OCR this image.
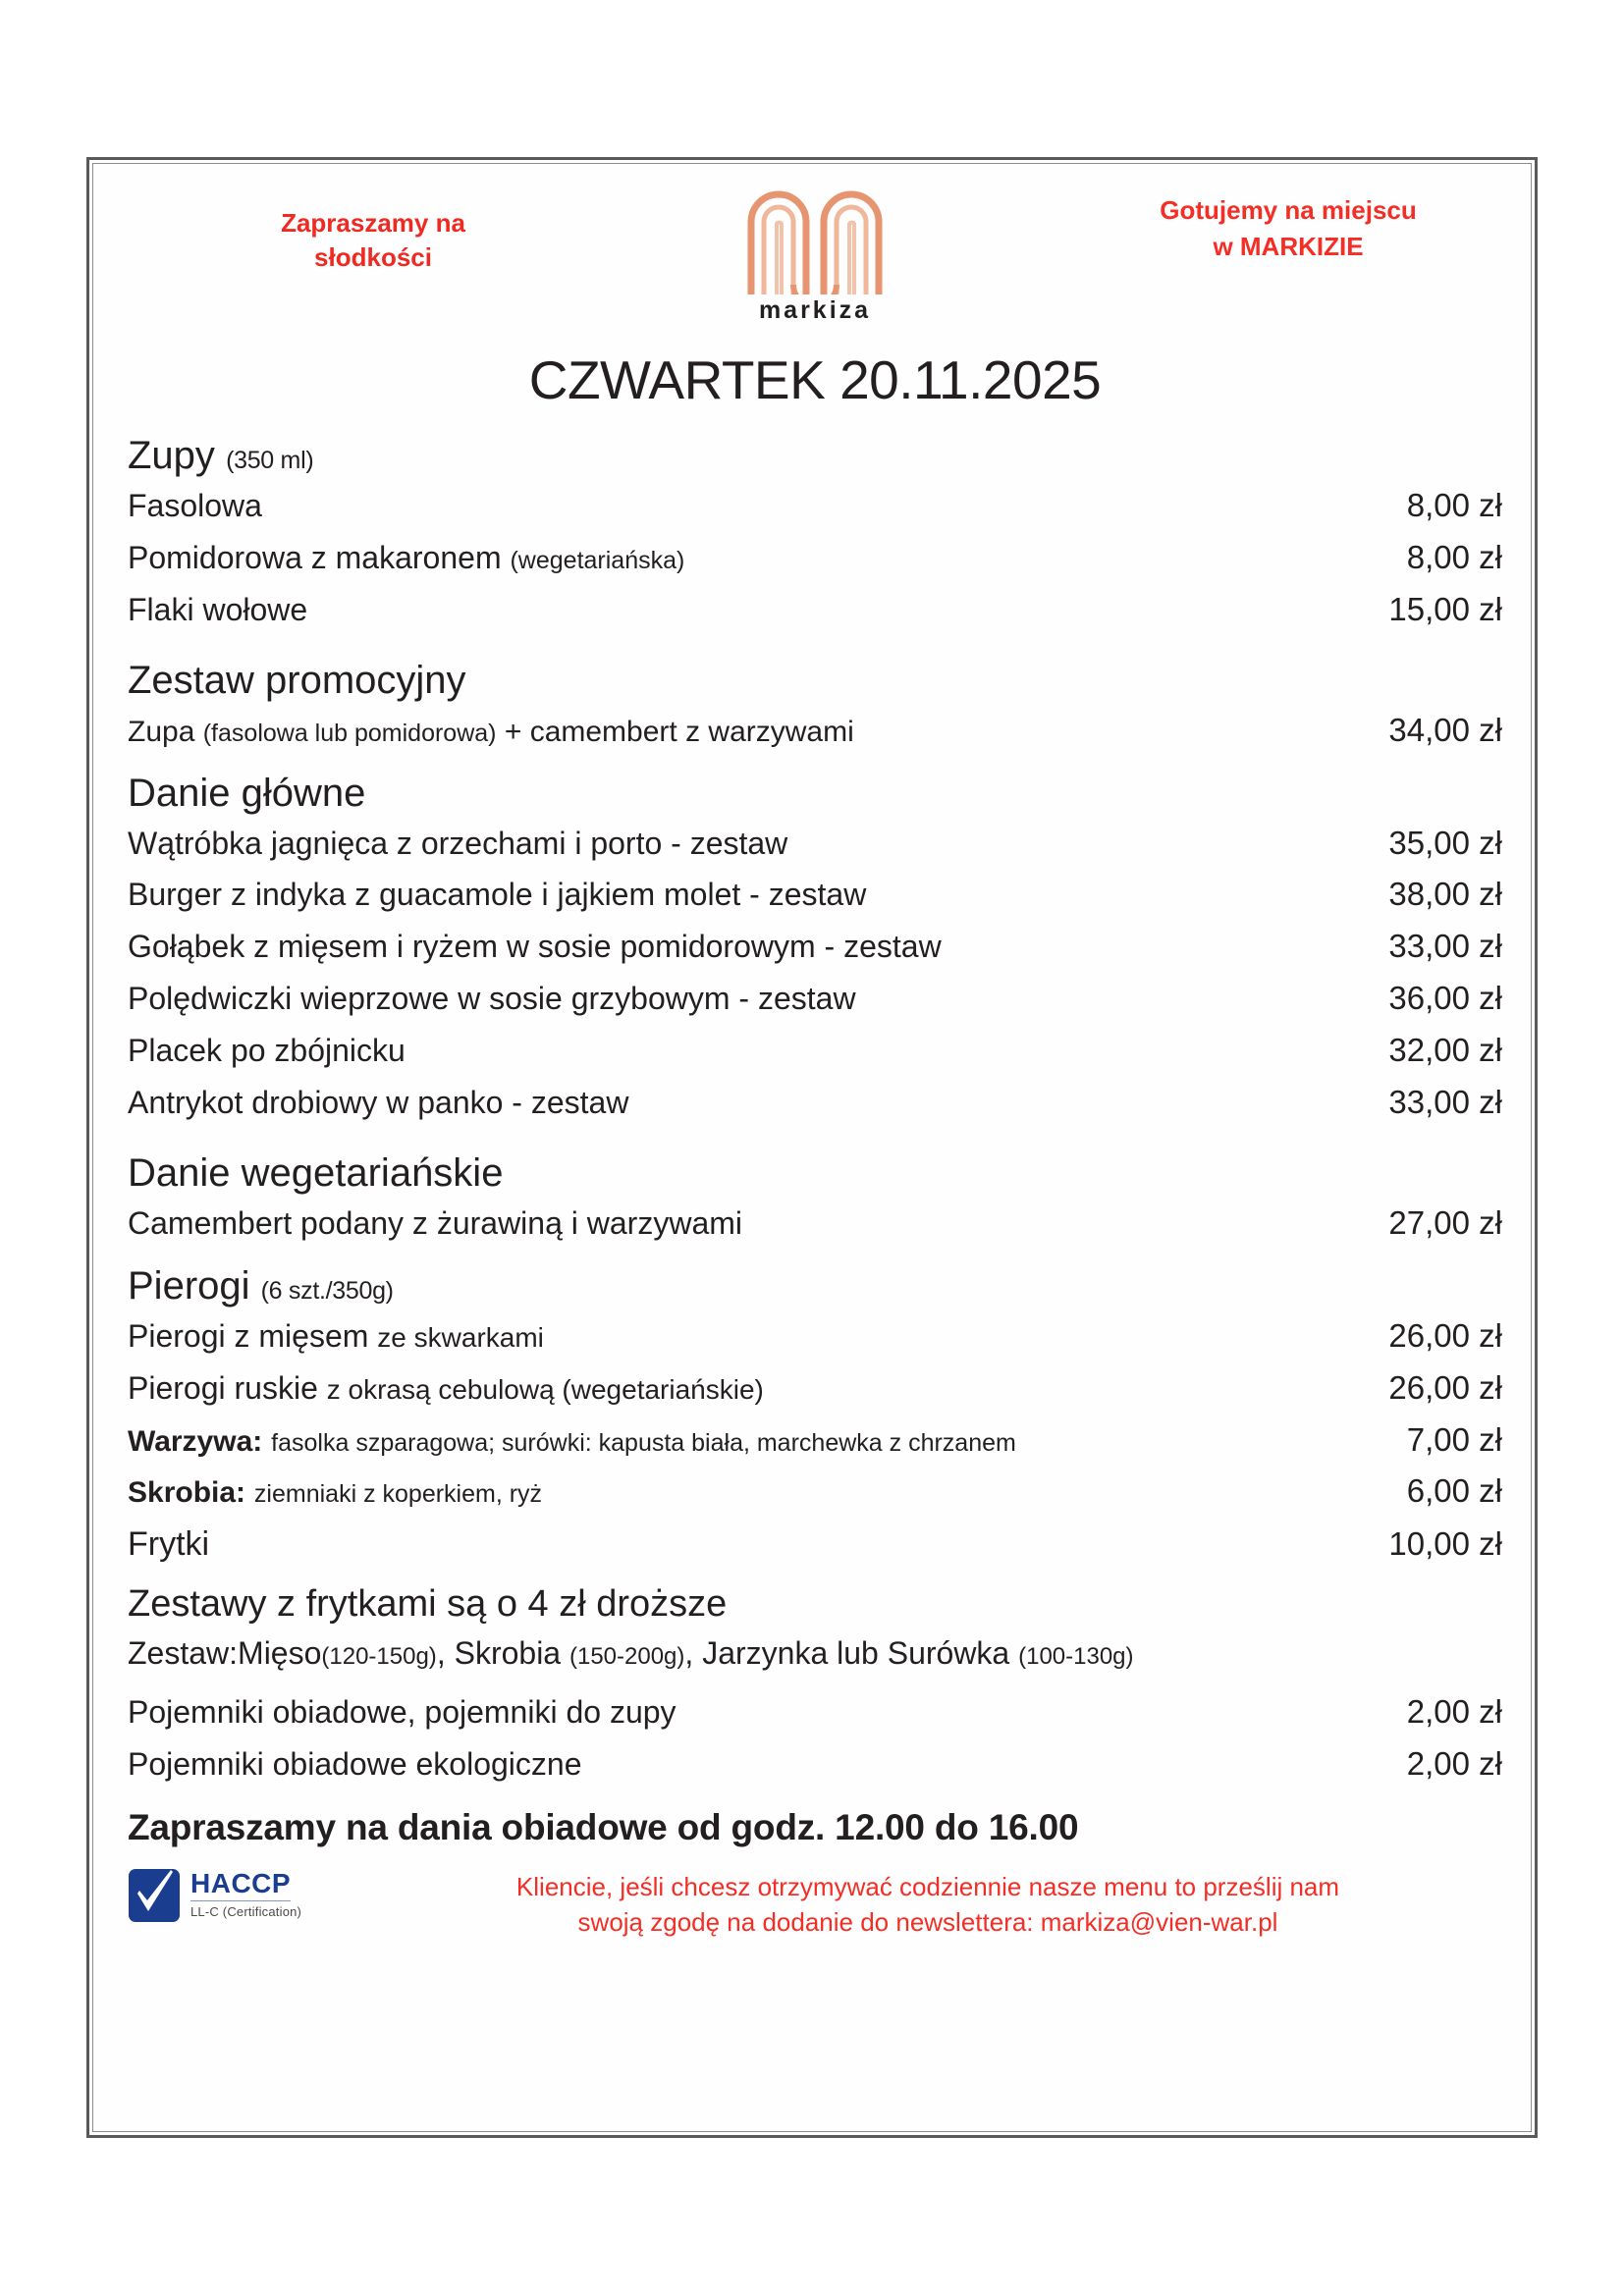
Zapraszamy na
słodkości
markiza
Gotujemy na miejscu
w MARKIZIE
CZWARTEK 20.11.2025
Zupy (350 ml)
Fasolowa	8,00 zł
Pomidorowa z makaronem (wegetariańska)	8,00 zł
Flaki wołowe	15,00 zł
Zestaw promocyjny
Zupa (fasolowa lub pomidorowa) + camembert z warzywami	34,00 zł
Danie główne
Wątróbka jagnięca z orzechami i porto - zestaw	35,00 zł
Burger z indyka z guacamole i jajkiem molet - zestaw	38,00 zł
Gołąbek z mięsem i ryżem w sosie pomidorowym - zestaw	33,00 zł
Polędwiczki wieprzowe w sosie grzybowym - zestaw	36,00 zł
Placek po zbójnicku	32,00 zł
Antrykot drobiowy w panko - zestaw	33,00 zł
Danie wegetariańskie
Camembert podany z żurawiną i warzywami	27,00 zł
Pierogi (6 szt./350g)
Pierogi z mięsem ze skwarkami	26,00 zł
Pierogi ruskie z okrasą cebulową (wegetariańskie)	26,00 zł
Warzywa: fasolka szparagowa; surówki: kapusta biała, marchewka z chrzanem	7,00 zł
Skrobia: ziemniaki z koperkiem, ryż	6,00 zł
Frytki	10,00 zł
Zestawy z frytkami są o 4 zł droższe
Zestaw:Mięso(120-150g), Skrobia (150-200g), Jarzynka lub Surówka (100-130g)
Pojemniki obiadowe, pojemniki do zupy	2,00 zł
Pojemniki obiadowe ekologiczne	2,00 zł
Zapraszamy na dania obiadowe od godz. 12.00 do 16.00
HACCP
LL-C (Certification)
Kliencie, jeśli chcesz otrzymywać codziennie nasze menu to prześlij nam
swoją zgodę na dodanie do newslettera: markiza@vien-war.pl
